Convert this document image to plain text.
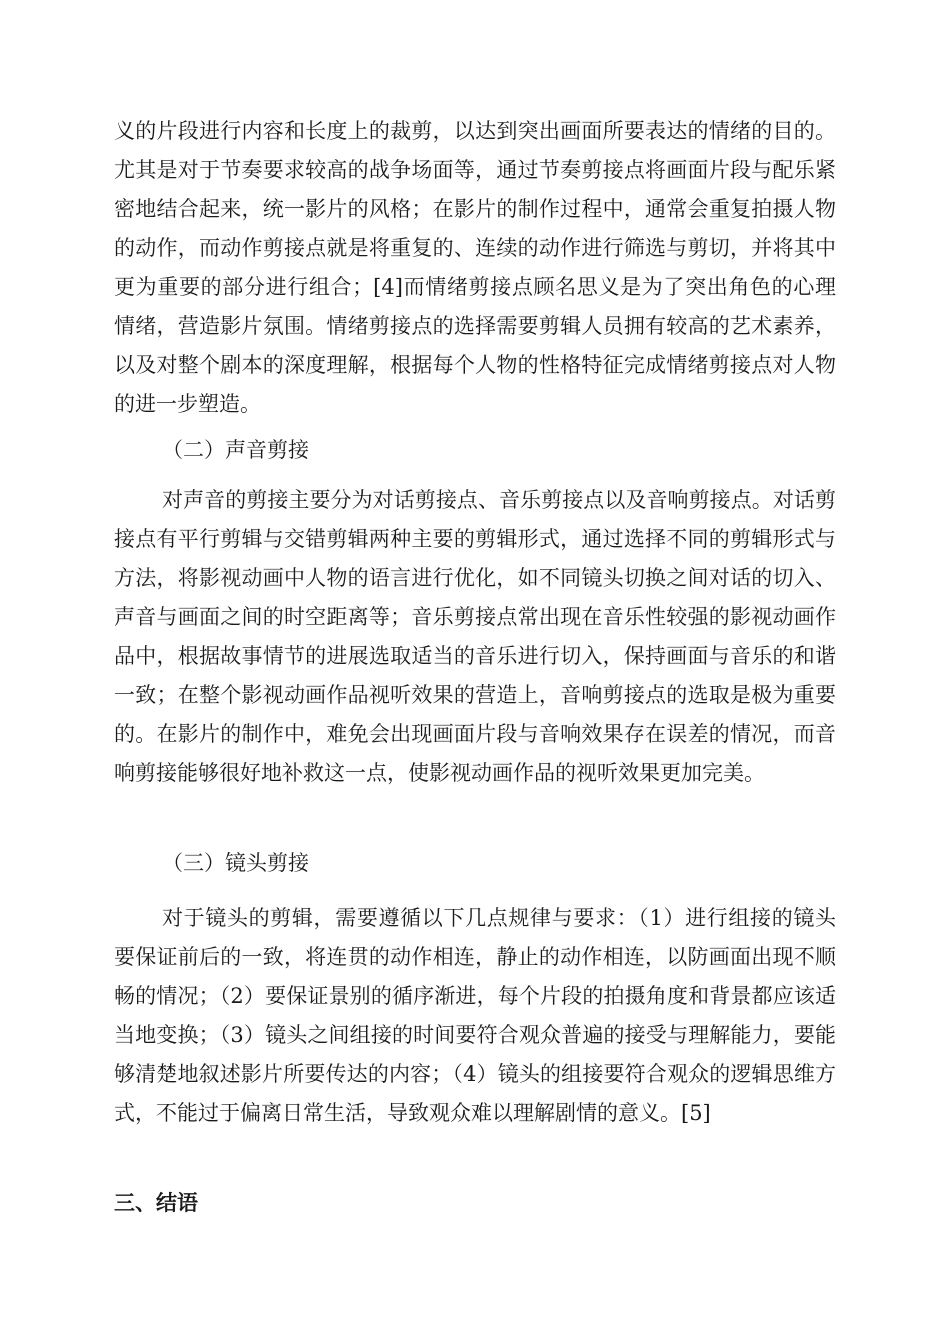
义的片段进行内容和长度上的裁剪，以达到突出画面所要表达的情绪的目的。尤其是对于节奏要求较高的战争场面等，通过节奏剪接点将画面片段与配乐紧密地结合起来，统一影片的风格；在影片的制作过程中，通常会重复拍摄人物的动作，而动作剪接点就是将重复的、连续的动作进行筛选与剪切，并将其中更为重要的部分进行组合；[4]而情绪剪接点顾名思义是为了突出角色的心理情绪，营造影片氛围。情绪剪接点的选择需要剪辑人员拥有较高的艺术素养，以及对整个剧本的深度理解，根据每个人物的性格特征完成情绪剪接点对人物的进一步塑造。

（二）声音剪接

对声音的剪接主要分为对话剪接点、音乐剪接点以及音响剪接点。对话剪接点有平行剪辑与交错剪辑两种主要的剪辑形式，通过选择不同的剪辑形式与方法，将影视动画中人物的语言进行优化，如不同镜头切换之间对话的切入、声音与画面之间的时空距离等；音乐剪接点常出现在音乐性较强的影视动画作品中，根据故事情节的进展选取适当的音乐进行切入，保持画面与音乐的和谐一致；在整个影视动画作品视听效果的营造上，音响剪接点的选取是极为重要的。在影片的制作中，难免会出现画面片段与音响效果存在误差的情况，而音响剪接能够很好地补救这一点，使影视动画作品的视听效果更加完美。

（三）镜头剪接

对于镜头的剪辑，需要遵循以下几点规律与要求：（1）进行组接的镜头要保证前后的一致，将连贯的动作相连，静止的动作相连，以防画面出现不顺畅的情况；（2）要保证景别的循序渐进，每个片段的拍摄角度和背景都应该适当地变换；（3）镜头之间组接的时间要符合观众普遍的接受与理解能力，要能够清楚地叙述影片所要传达的内容；（4）镜头的组接要符合观众的逻辑思维方式，不能过于偏离日常生活，导致观众难以理解剧情的意义。[5]

三、结语
